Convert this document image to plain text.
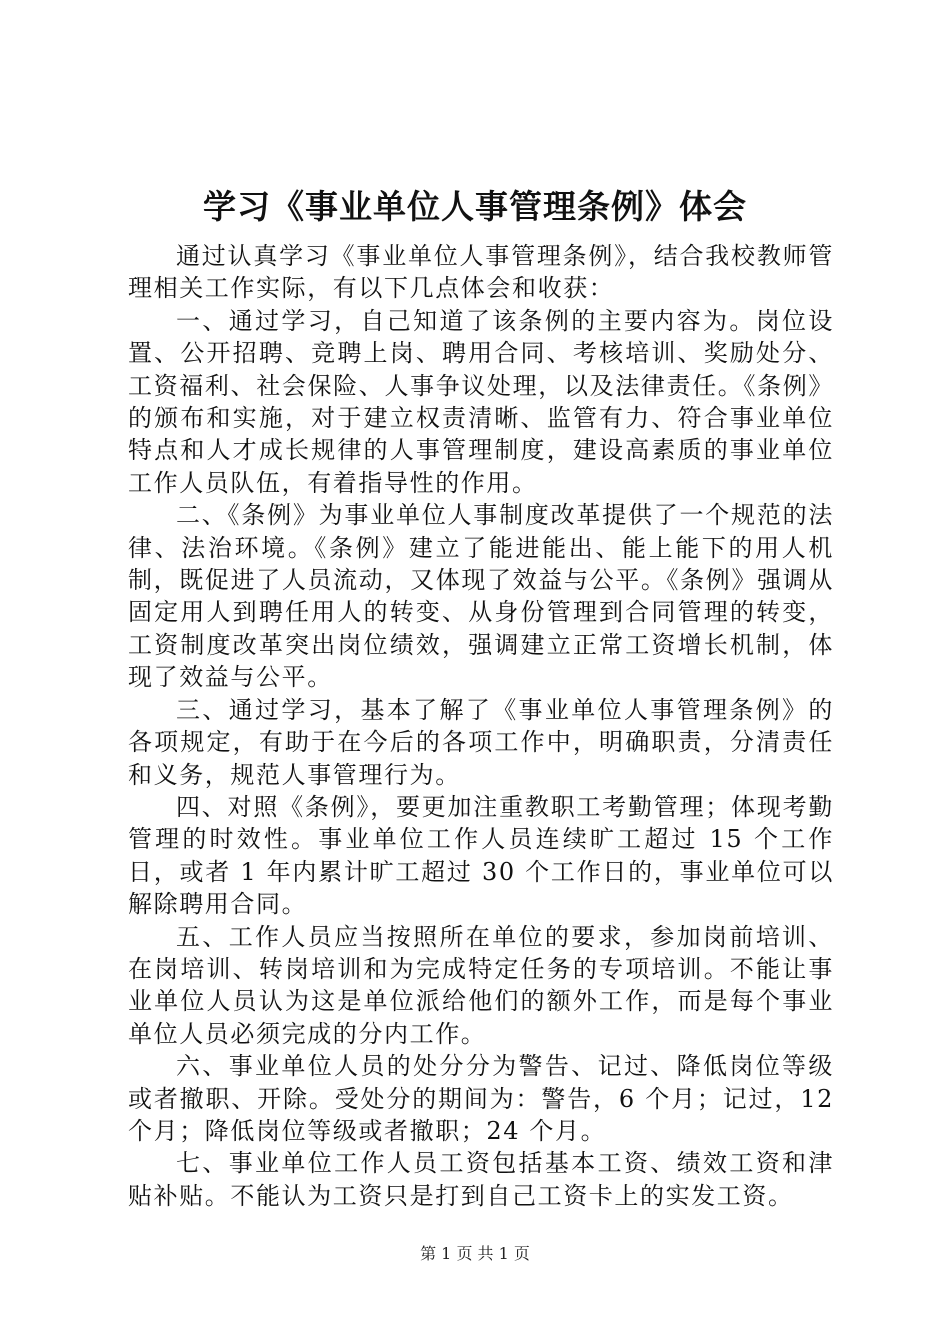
学习《事业单位人事管理条例》体会

通过认真学习《事业单位人事管理条例》，结合我校教师管理相关工作实际，有以下几点体会和收获：

一、通过学习，自己知道了该条例的主要内容为。岗位设置、公开招聘、竞聘上岗、聘用合同、考核培训、奖励处分、工资福利、社会保险、人事争议处理，以及法律责任。《条例》的颁布和实施，对于建立权责清晰、监管有力、符合事业单位特点和人才成长规律的人事管理制度，建设高素质的事业单位工作人员队伍，有着指导性的作用。

二、《条例》为事业单位人事制度改革提供了一个规范的法律、法治环境。《条例》建立了能进能出、能上能下的用人机制，既促进了人员流动，又体现了效益与公平。《条例》强调从固定用人到聘任用人的转变、从身份管理到合同管理的转变，工资制度改革突出岗位绩效，强调建立正常工资增长机制，体现了效益与公平。

三、通过学习，基本了解了《事业单位人事管理条例》的各项规定，有助于在今后的各项工作中，明确职责，分清责任和义务，规范人事管理行为。

四、对照《条例》，要更加注重教职工考勤管理；体现考勤管理的时效性。事业单位工作人员连续旷工超过 15 个工作日，或者 1 年内累计旷工超过 30 个工作日的，事业单位可以解除聘用合同。

五、工作人员应当按照所在单位的要求，参加岗前培训、在岗培训、转岗培训和为完成特定任务的专项培训。不能让事业单位人员认为这是单位派给他们的额外工作，而是每个事业单位人员必须完成的分内工作。

六、事业单位人员的处分分为警告、记过、降低岗位等级或者撤职、开除。受处分的期间为：警告，6 个月；记过，12 个月；降低岗位等级或者撤职；24 个月。

七、事业单位工作人员工资包括基本工资、绩效工资和津贴补贴。不能认为工资只是打到自己工资卡上的实发工资。

第 1 页 共 1 页
